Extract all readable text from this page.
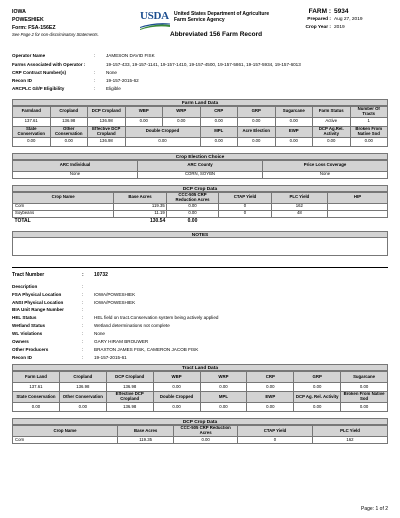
IOWA
POWESHIEK
Form: FSA-156EZ
See Page 2 for non-discriminatory Statements.
USDA United States Department of Agriculture
Farm Service Agency
Abbreviated 156 Farm Record
FARM : 5934
Prepared : Aug 27, 2019
Crop Year : 2019
Operator Name	:	JAMESON DAVID FISK
Farms Associated with Operator :	19-157-433, 19-157-1141, 19-157-1410, 19-157-4500, 19-157-5861, 19-157-5934, 19-157-6013
CRP Contract Number(s)	:	None
Recon ID	:	19-157-2015-62
ARCPLC G/I/F Eligibility	:	Eligible
Farm Land Data
Farmland	Cropland	DCP Cropland	WBP	WRP	CRP	GRP	Sugarcane	Farm Status	Number Of Tracts
137.61	136.98	136.98	0.00	0.00	0.00	0.00	0.00	Active	1
State Conservation	Other Conservation	Effective DCP Cropland	Double Cropped		MPL	Acre Election	EWP	DCP Ag.Rel. Activity	Broken From Native Sod
0.00	0.00	136.98	0.00		0.00	0.00	0.00	0.00	0.00
Crop Election Choice
ARC Individual	ARC County	Price Loss Coverage
None	CORN, SOYBN	None
DCP Crop Data
Crop Name	Base Acres	CCC-505 CRP Reduction Acres	CTAP Yield	PLC Yield	HIP
Corn	119.35	0.00	0	162	
Soybeans	11.19	0.00	0	48	
TOTAL	130.54	0.00			
NOTES
Tract Number	:	10732
Description	:
FSA Physical Location	:	IOWA/POWESHIEK
ANSI Physical Location	:	IOWA/POWESHIEK
BIA Unit Range Number	:
HEL Status	:	HEL field on tract.Conservation system being actively applied
Wetland Status	:	Wetland determinations not complete
WL Violations	:	None
Owners	:	GARY HIRAM BROUWER
Other Producers	:	BRAXTON JAMES FISK, CAMERON JACOB FISK
Recon ID	:	19-157-2015-61
Tract Land Data
Farm Land	Cropland	DCP Cropland	WBP	WRP	CRP	GRP	Sugarcane
137.61	136.98	136.98	0.00	0.00	0.00	0.00	0.00
State Conservation	Other Conservation	Effective DCP Cropland	Double Cropped	MPL	EWP	DCP Ag. Rel. Activity	Broken From Native Sod
0.00	0.00	136.98	0.00	0.00	0.00	0.00	0.00
DCP Crop Data
Crop Name	Base Acres	CCC-505 CRP Reduction Acres	CTAP Yield	PLC Yield
Corn	119.35	0.00	0	162
Page: 1 of 2
